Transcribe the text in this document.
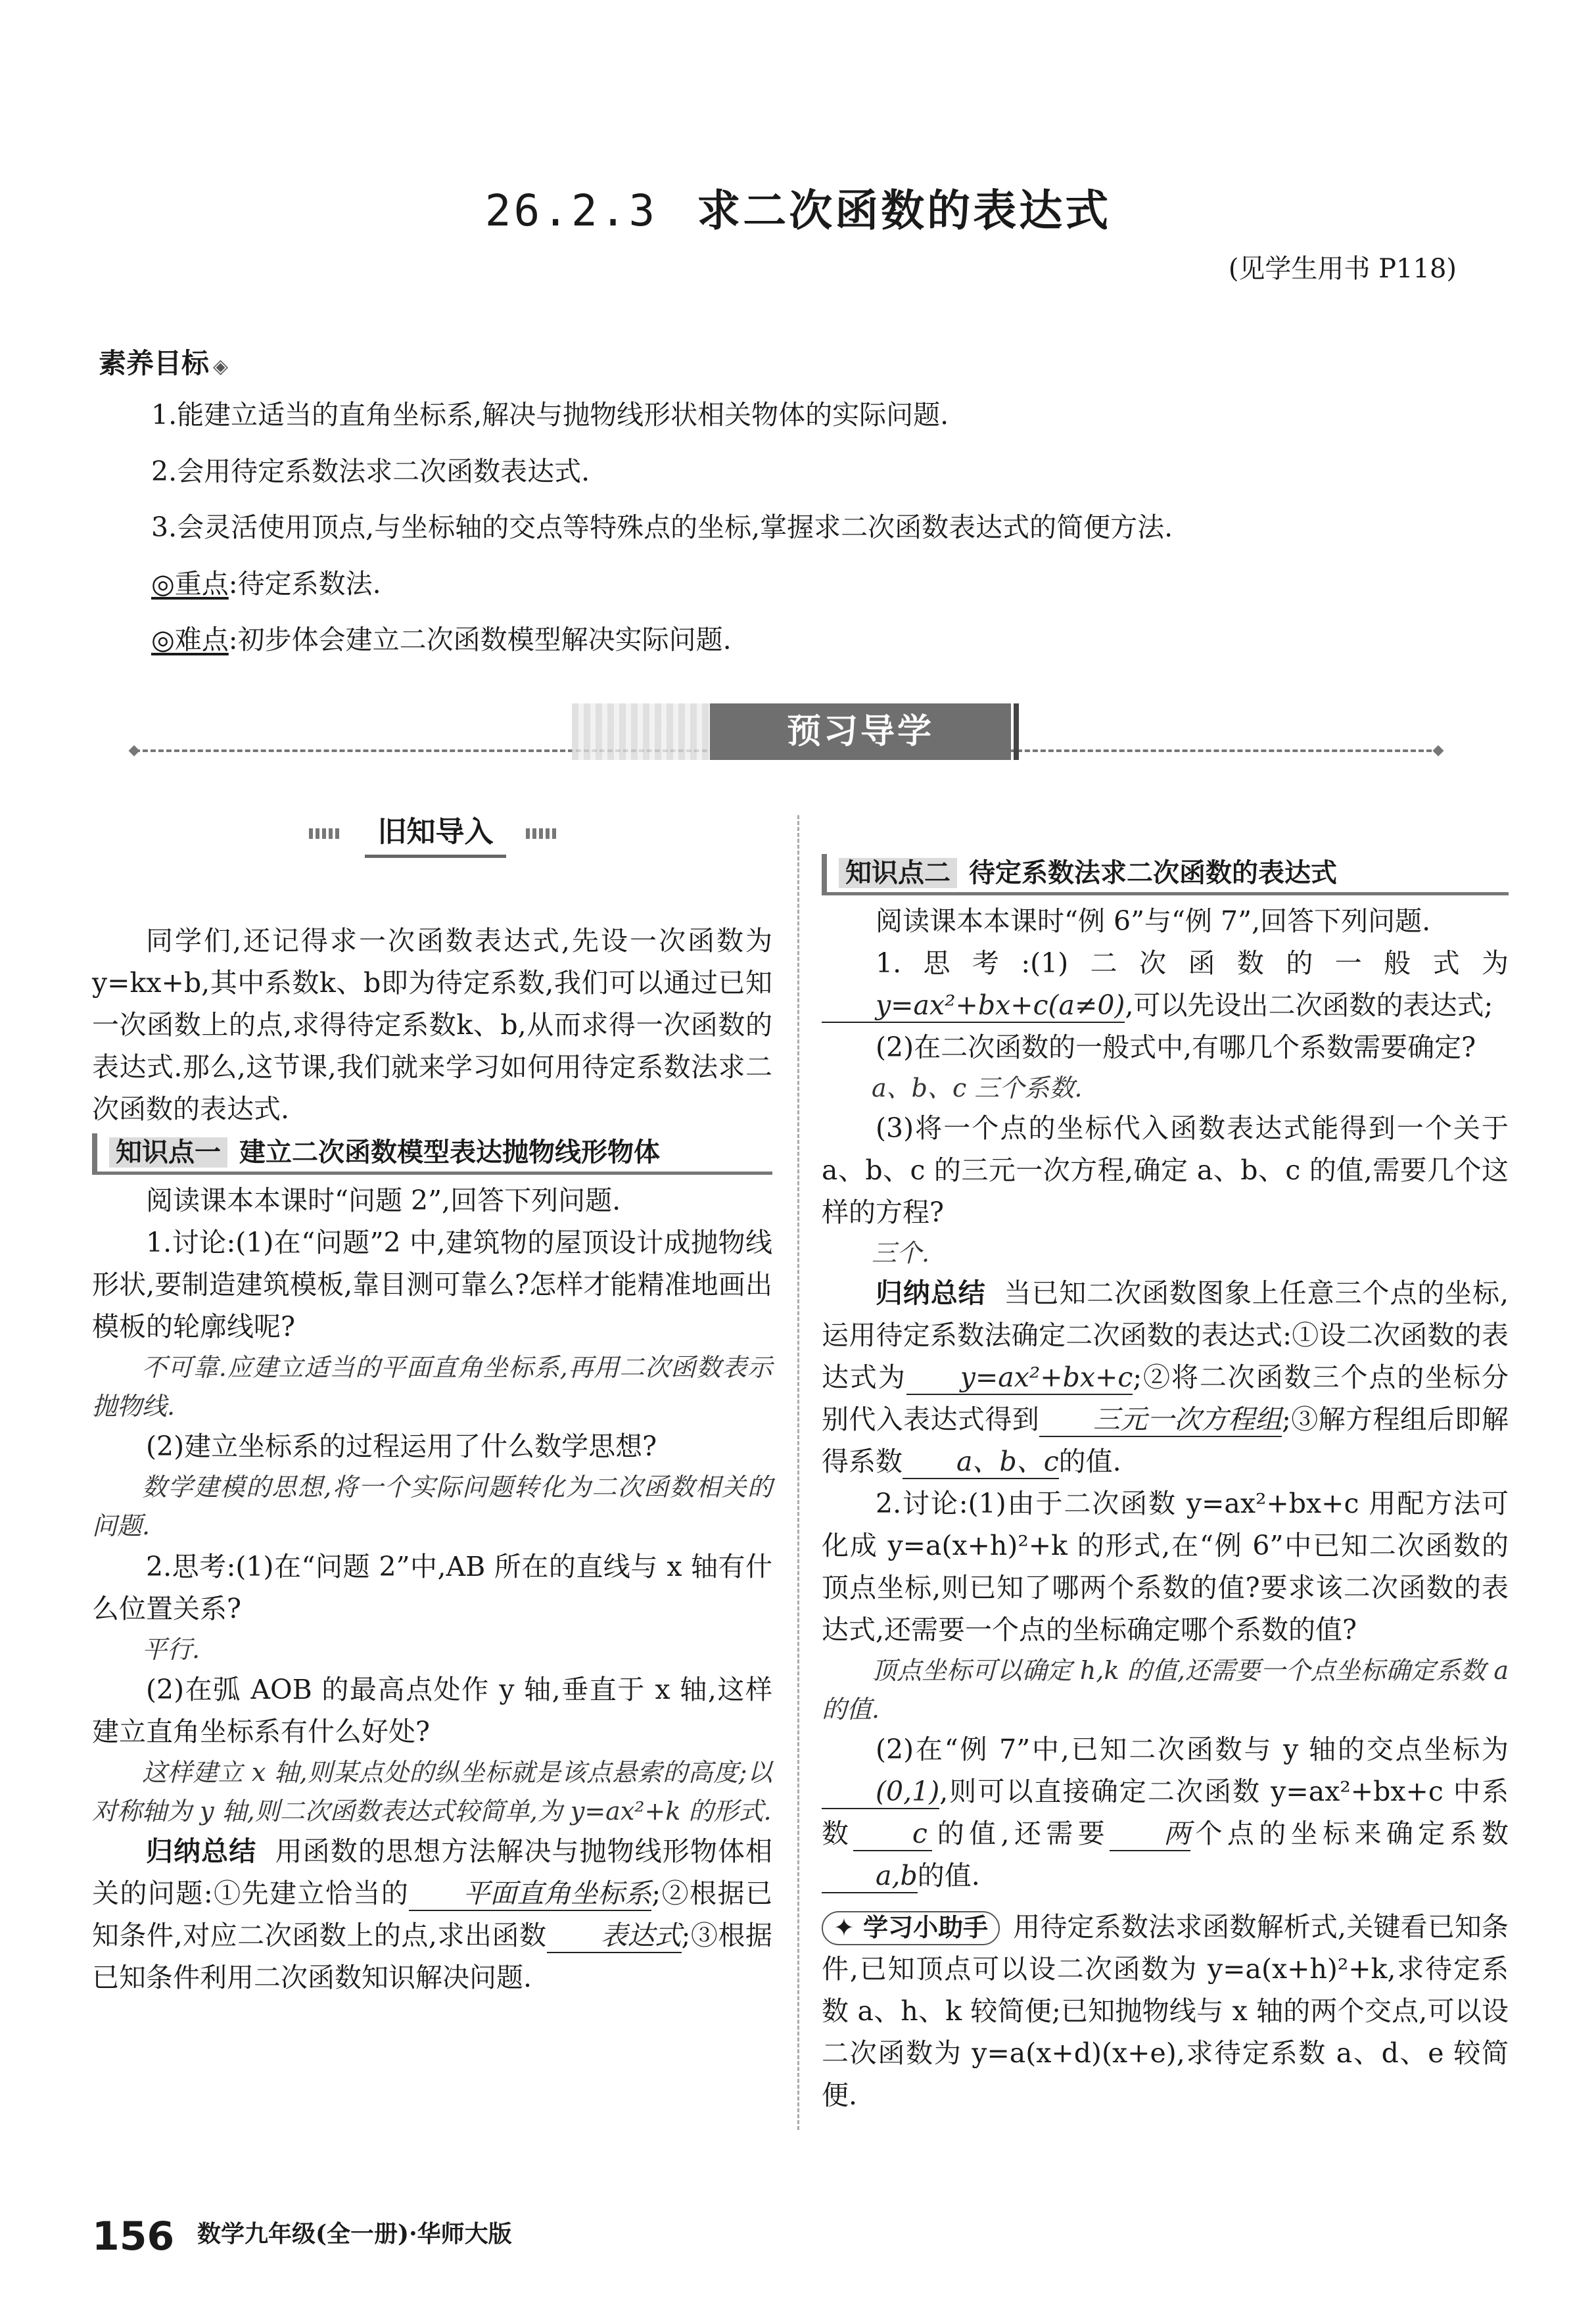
26.2.3 求二次函数的表达式
(见学生用书 P118)
素养目标 ◈

1.能建立适当的直角坐标系,解决与抛物线形状相关物体的实际问题.

2.会用待定系数法求二次函数表达式.

3.会灵活使用顶点,与坐标轴的交点等特殊点的坐标,掌握求二次函数表达式的简便方法.

◎重点:待定系数法.

◎难点:初步体会建立二次函数模型解决实际问题.

预习导学
旧知导入

同学们,还记得求一次函数表达式,先设一次函数为y=kx+b,其中系数k、b即为待定系数,我们可以通过已知一次函数上的点,求得待定系数k、b,从而求得一次函数的表达式.那么,这节课,我们就来学习如何用待定系数法求二次函数的表达式.

知识点一 建立二次函数模型表达抛物线形物体

阅读课本本课时“问题 2”,回答下列问题.

1.讨论:(1)在“问题”2 中,建筑物的屋顶设计成抛物线形状,要制造建筑模板,靠目测可靠么?怎样才能精准地画出模板的轮廓线呢?

不可靠.应建立适当的平面直角坐标系,再用二次函数表示抛物线.

(2)建立坐标系的过程运用了什么数学思想?

数学建模的思想,将一个实际问题转化为二次函数相关的问题.

2.思考:(1)在“问题 2”中,AB 所在的直线与 x 轴有什么位置关系?

平行.

(2)在弧 AOB 的最高点处作 y 轴,垂直于 x 轴,这样建立直角坐标系有什么好处?

这样建立 x 轴,则某点处的纵坐标就是该点悬索的高度;以对称轴为 y 轴,则二次函数表达式较简单,为 y=ax²+k 的形式.

归纳总结 用函数的思想方法解决与抛物线形物体相关的问题:①先建立恰当的 平面直角坐标系;②根据已知条件,对应二次函数上的点,求出函数 表达式;③根据已知条件利用二次函数知识解决问题.

知识点二 待定系数法求二次函数的表达式

阅读课本本课时“例 6”与“例 7”,回答下列问题.

1.思考:(1)二次函数的一般式为y=ax²+bx+c(a≠0),可以先设出二次函数的表达式;

(2)在二次函数的一般式中,有哪几个系数需要确定?

a、b、c 三个系数.

(3)将一个点的坐标代入函数表达式能得到一个关于 a、b、c 的三元一次方程,确定 a、b、c 的值,需要几个这样的方程?

三个.

归纳总结 当已知二次函数图象上任意三个点的坐标,运用待定系数法确定二次函数的表达式:①设二次函数的表达式为 y=ax²+bx+c;②将二次函数三个点的坐标分别代入表达式得到 三元一次方程组;③解方程组后即解得系数 a、b、c的值.

2.讨论:(1)由于二次函数 y=ax²+bx+c 用配方法可化成 y=a(x+h)²+k 的形式,在“例 6”中已知二次函数的顶点坐标,则已知了哪两个系数的值?要求该二次函数的表达式,还需要一个点的坐标确定哪个系数的值?

顶点坐标可以确定 h,k 的值,还需要一个点坐标确定系数 a 的值.

(2)在“例 7”中,已知二次函数与 y 轴的交点坐标为(0,1),则可以直接确定二次函数 y=ax²+bx+c 中系数 c 的值,还需要 两个点的坐标来确定系数a,b的值.

✦ 学习小助手 用待定系数法求函数解析式,关键看已知条件,已知顶点可以设二次函数为 y=a(x+h)²+k,求待定系数 a、h、k 较简便;已知抛物线与 x 轴的两个交点,可以设二次函数为 y=a(x+d)(x+e),求待定系数 a、d、e 较简便.

156 数学九年级(全一册)·华师大版
